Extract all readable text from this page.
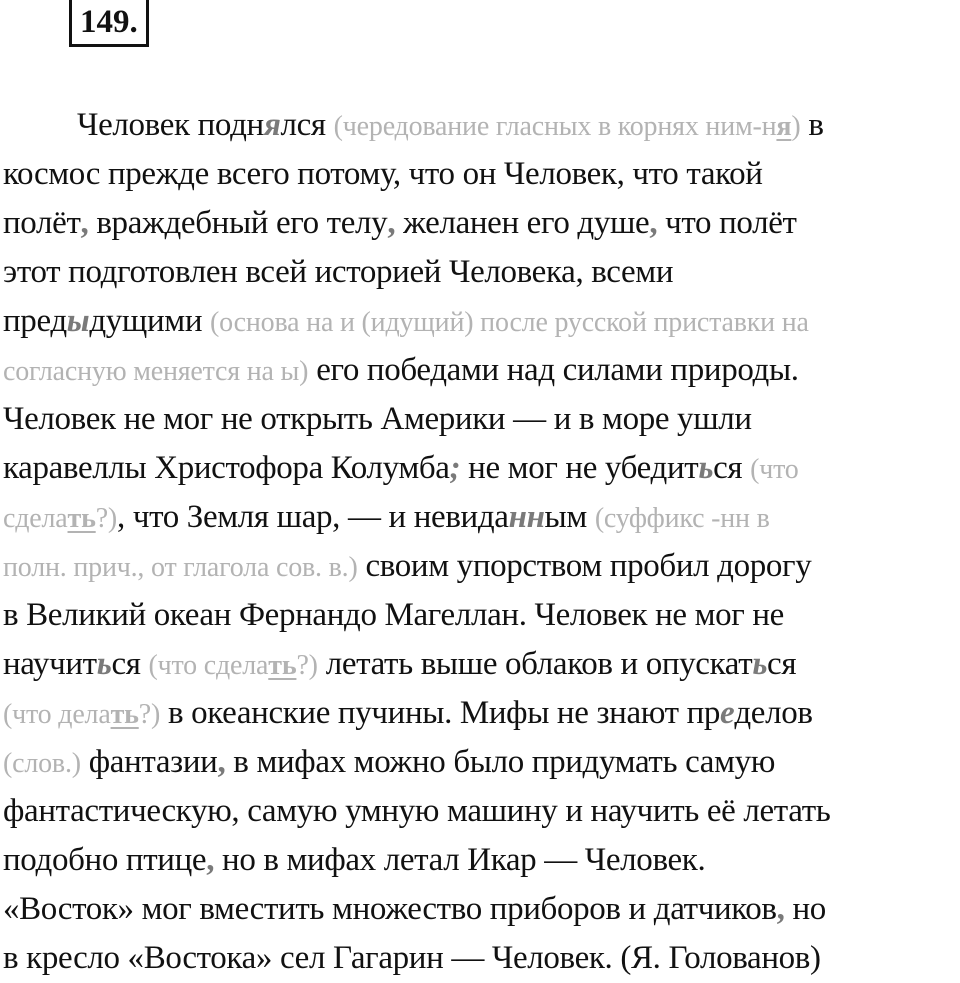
149.
Человек поднялся (чередование гласных в корнях ним-ня) в
космос прежде всего потому, что он Человек, что такой
полёт, враждебный его телу, желанен его душе, что полёт
этот подготовлен всей историей Человека, всеми
предыдущими (основа на и (идущий) после русской приставки на
согласную меняется на ы) его победами над силами природы.
Человек не мог не открыть Америки — и в море ушли
каравеллы Христофора Колумба; не мог не убедиться (что
сделать?), что Земля шар, — и невиданным (суффикс -нн в
полн. прич., от глагола сов. в.) своим упорством пробил дорогу
в Великий океан Фернандо Магеллан. Человек не мог не
научиться (что сделать?) летать выше облаков и опускаться
(что делать?) в океанские пучины. Мифы не знают пределов
(слов.) фантазии, в мифах можно было придумать самую
фантастическую, самую умную машину и научить её летать
подобно птице, но в мифах летал Икар — Человек.
«Восток» мог вместить множество приборов и датчиков, но
в кресло «Востока» сел Гагарин — Человек. (Я. Голованов)
